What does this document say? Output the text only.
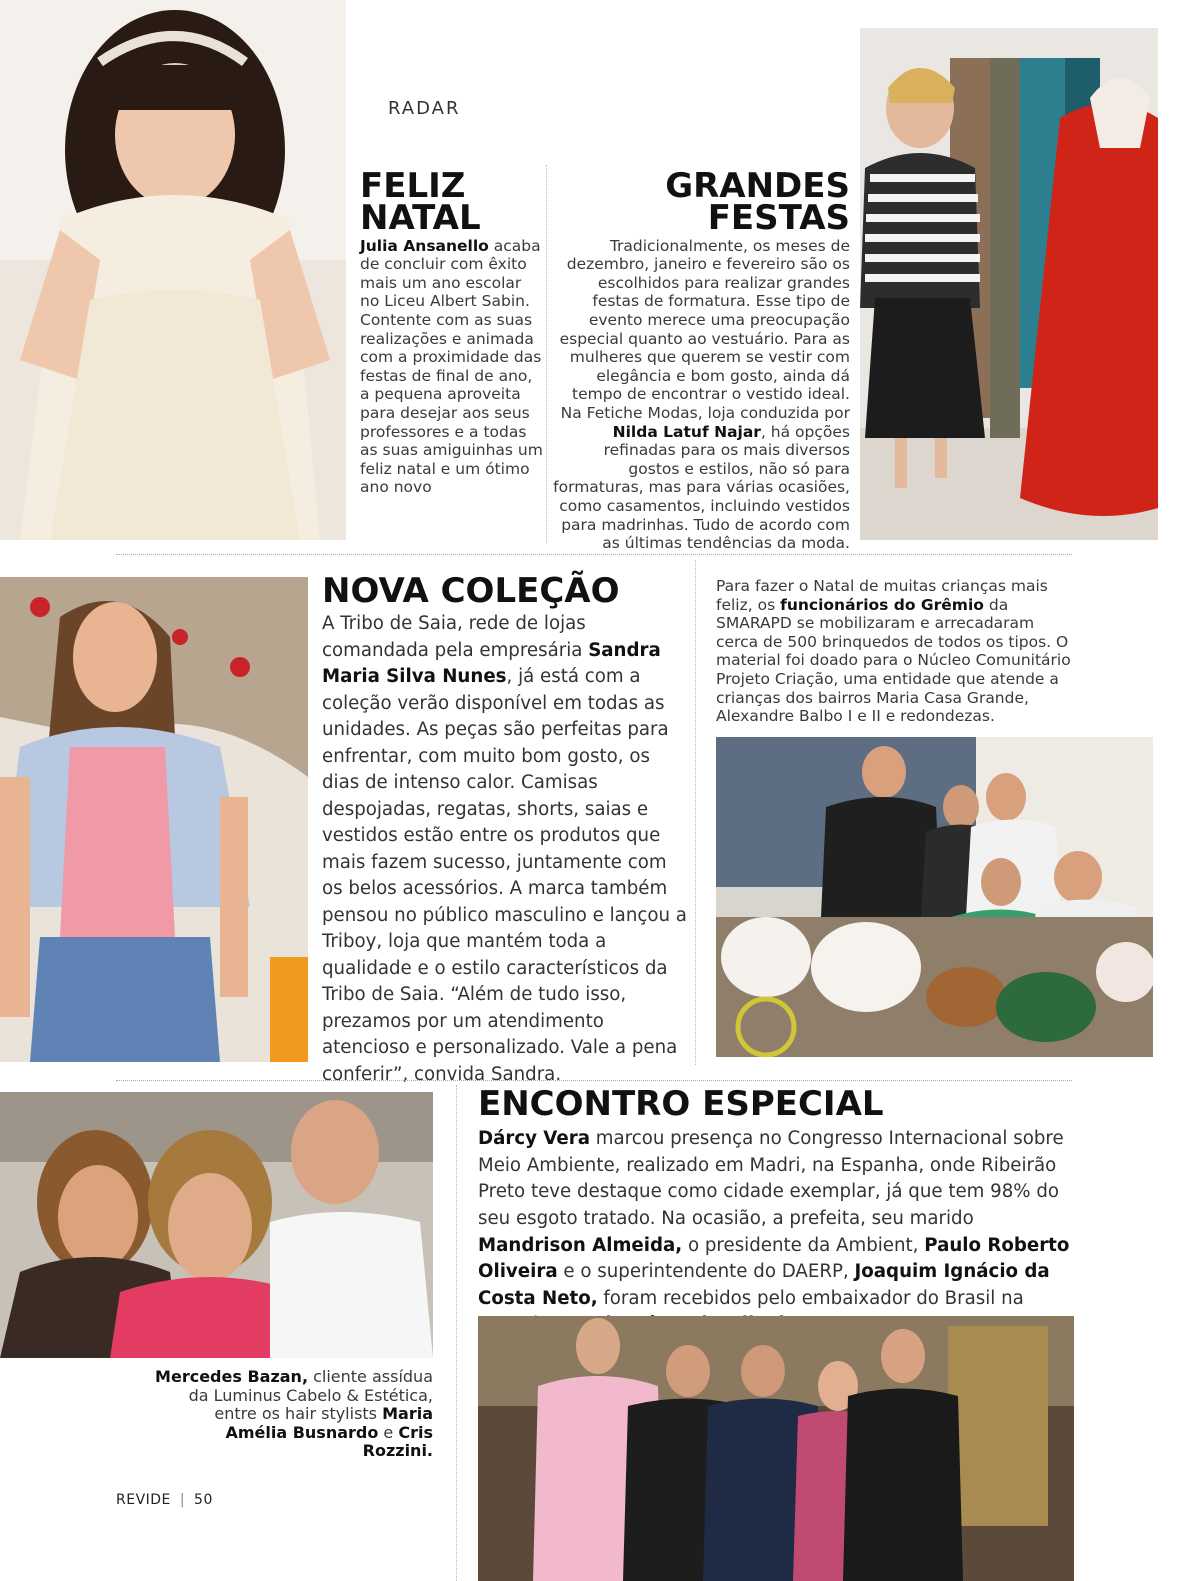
RADAR
FELIZ
NATAL
Julia Ansanello acaba de concluir com êxito mais um ano escolar no Liceu Albert Sabin. Contente com as suas realizações e animada com a proximidade das festas de final de ano, a pequena aproveita para desejar aos seus professores e a todas as suas amiguinhas um feliz natal e um ótimo ano novo
GRANDES
FESTAS
Tradicionalmente, os meses de dezembro, janeiro e fevereiro são os escolhidos para realizar grandes festas de formatura. Esse tipo de evento merece uma preocupação especial quanto ao vestuário. Para as mulheres que querem se vestir com elegância e bom gosto, ainda dá tempo de encontrar o vestido ideal. Na Fetiche Modas, loja conduzida por Nilda Latuf Najar, há opções refinadas para os mais diversos gostos e estilos, não só para formaturas, mas para várias ocasiões, como casamentos, incluindo vestidos para madrinhas. Tudo de acordo com as últimas tendências da moda.
NOVA COLEÇÃO
A Tribo de Saia, rede de lojas comandada pela empresária Sandra Maria Silva Nunes, já está com a coleção verão disponível em todas as unidades. As peças são perfeitas para enfrentar, com muito bom gosto, os dias de intenso calor. Camisas despojadas, regatas, shorts, saias e vestidos estão entre os produtos que mais fazem sucesso, juntamente com os belos acessórios. A marca também pensou no público masculino e lançou a Triboy, loja que mantém toda a qualidade e o estilo característicos da Tribo de Saia. “Além de tudo isso, prezamos por um atendimento atencioso e personalizado. Vale a pena conferir”, convida Sandra.
Para fazer o Natal de muitas crianças mais feliz, os funcionários do Grêmio da SMARAPD se mobilizaram e arrecadaram cerca de 500 brinquedos de todos os tipos. O material foi doado para o Núcleo Comunitário Projeto Criação, uma entidade que atende a crianças dos bairros Maria Casa Grande, Alexandre Balbo I e II e redondezas.
Mercedes Bazan, cliente assídua da Luminus Cabelo & Estética, entre os hair stylists Maria Amélia Busnardo e Cris Rozzini.
ENCONTRO ESPECIAL
Dárcy Vera marcou presença no Congresso Internacional sobre Meio Ambiente, realizado em Madri, na Espanha, onde Ribeirão Preto teve destaque como cidade exemplar, já que tem 98% do seu esgoto tratado. Na ocasião, a prefeita, seu marido Mandrison Almeida, o presidente da Ambient, Paulo Roberto Oliveira e o superintendente do DAERP, Joaquim Ignácio da Costa Neto, foram recebidos pelo embaixador do Brasil na
REVIDE | 50
